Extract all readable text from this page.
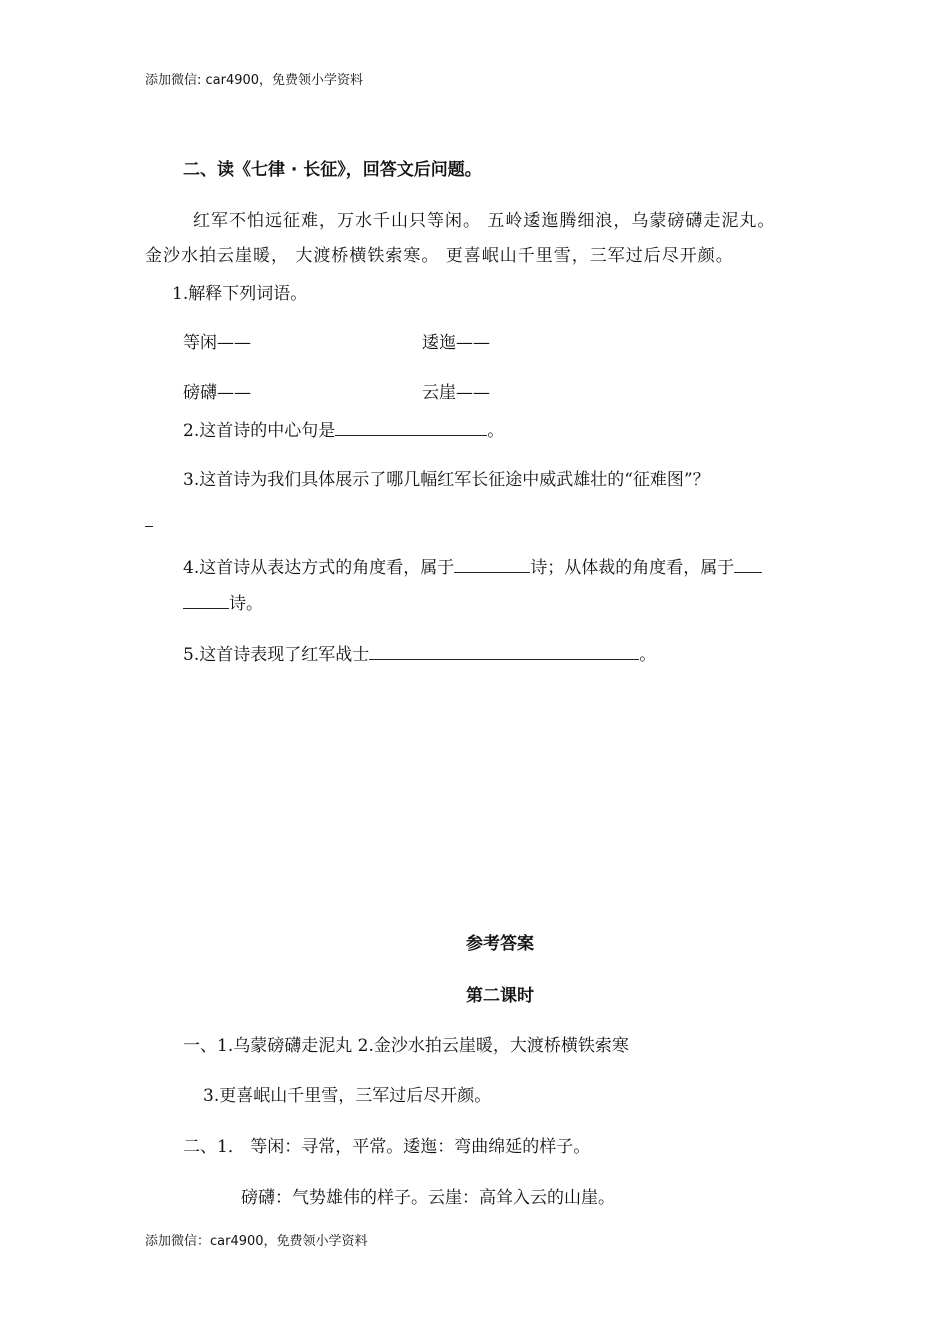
添加微信: car4900，免费领小学资料
二、读《七律 · 长征》，回答文后问题。
红军不怕远征难，万水千山只等闲。 五岭逶迤腾细浪，乌蒙磅礴走泥丸。
金沙水拍云崖暖， 大渡桥横铁索寒。 更喜岷山千里雪，三军过后尽开颜。
1.解释下列词语。
等闲——	逶迤——
磅礴——	云崖——
2.这首诗的中心句是	。
3.这首诗为我们具体展示了哪几幅红军长征途中威武雄壮的“征难图”？
4.这首诗从表达方式的角度看，属于	诗；从体裁的角度看，属于
诗。
5.这首诗表现了红军战士	。
参考答案
第二课时
一、1.乌蒙磅礴走泥丸 2.金沙水拍云崖暖，大渡桥横铁索寒
3.更喜岷山千里雪，三军过后尽开颜。
二、1． 等闲：寻常，平常。逶迤：弯曲绵延的样子。
磅礴：气势雄伟的样子。云崖：高耸入云的山崖。
添加微信：car4900，免费领小学资料
